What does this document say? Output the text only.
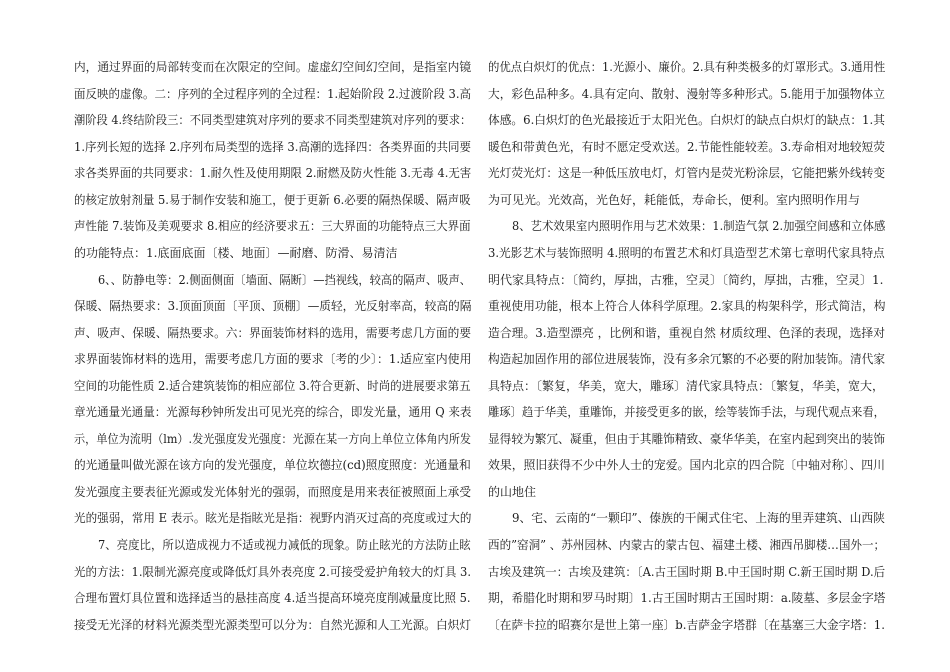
内，通过界面的局部转变而在次限定的空间。虚虚幻空间幻空间，是指室内镜
面反映的虚像。二：序列的全过程序列的全过程：1.起始阶段 2.过渡阶段 3.高
潮阶段 4.终结阶段三：不同类型建筑对序列的要求不同类型建筑对序列的要求：
1.序列长短的选择 2.序列布局类型的选择 3.高潮的选择四：各类界面的共同要
求各类界面的共同要求：1.耐久性及使用期限 2.耐燃及防火性能 3.无毒 4.无害
的核定放射剂量 5.易于制作安装和施工，便于更新 6.必要的隔热保暖、隔声吸
声性能 7.装饰及美观要求 8.相应的经济要求五：三大界面的功能特点三大界面
的功能特点：1.底面底面〔楼、地面〕—耐磨、防滑、易清洁
6、、防静电等：2.侧面侧面〔墙面、隔断〕—挡视线，较高的隔声、吸声、
保暖、隔热要求：3.顶面顶面〔平顶、顶棚〕—质轻，光反射率高，较高的隔
声、吸声、保暖、隔热要求。六：界面装饰材料的选用，需要考虑几方面的要
求界面装饰材料的选用，需要考虑几方面的要求〔考的少〕：1.适应室内使用
空间的功能性质 2.适合建筑装饰的相应部位 3.符合更新、时尚的进展要求第五
章光通量光通量：光源每秒钟所发出可见光亮的综合，即发光量，通用 Q 来表
示，单位为流明（lm）.发光强度发光强度：光源在某一方向上单位立体角内所发
的光通量叫做光源在该方向的发光强度，单位坎德拉(cd)照度照度：光通量和
发光强度主要表征光源或发光体射光的强弱，而照度是用来表征被照面上承受
光的强弱，常用 E 表示。眩光是指眩光是指：视野内消灭过高的亮度或过大的
7、亮度比，所以造成视力不适或视力减低的现象。防止眩光的方法防止眩
光的方法：1.限制光源亮度或降低灯具外表亮度 2.可接受爱护角较大的灯具 3.
合理布置灯具位置和选择适当的悬挂高度 4.适当提高环境亮度削减量度比照 5.
接受无光泽的材料光源类型光源类型可以分为：自然光源和人工光源。白炽灯
的优点白炽灯的优点：1.光源小、廉价。2.具有种类极多的灯罩形式。3.通用性
大，彩色品种多。4.具有定向、散射、漫射等多种形式。5.能用于加强物体立
体感。6.白炽灯的色光最接近于太阳光色。白炽灯的缺点白炽灯的缺点：1.其
暖色和带黄色光，有时不愿定受欢送。2.节能性能较差。3.寿命相对地较短荧
光灯荧光灯：这是一种低压放电灯，灯管内是荧光粉涂层，它能把紫外线转变
为可见光。光效高，光色好，耗能低，寿命长，便利。室内照明作用与
8、艺术效果室内照明作用与艺术效果：1.制造气氛 2.加强空间感和立体感
3.光影艺术与装饰照明 4.照明的布置艺术和灯具造型艺术第七章明代家具特点
明代家具特点：〔简约，厚拙，古雅，空灵〕〔简约，厚拙，古雅，空灵〕1.
重视使用功能，根本上符合人体科学原理。2.家具的构架科学，形式简洁，构
造合理。3.造型漂亮 ，比例和谐，重视自然 材质纹理、色泽的表现，选择对
构造起加固作用的部位进展装饰，没有多余冗繁的不必要的附加装饰。清代家
具特点：〔繁复，华美，宽大，雕琢〕清代家具特点：〔繁复，华美，宽大，
雕琢〕趋于华美，重雕饰，并接受更多的嵌，绘等装饰手法，与现代观点来看，
显得较为繁冗、凝重，但由于其雕饰精致、豪华华美，在室内起到突出的装饰
效果，照旧获得不少中外人士的宠爱。国内北京的四合院〔中轴对称〕、四川
的山地住
9、宅、云南的“一颗印”、傣族的干阑式住宅、上海的里弄建筑、山西陕
西的”窑洞” 、苏州园林、内蒙古的蒙古包、福建土楼、湘西吊脚楼…国外一；
古埃及建筑一：古埃及建筑：〔A.古王国时期 B.中王国时期 C.新王国时期 D.后
期，希腊化时期和罗马时期〕1.古王国时期古王国时期：a.陵墓、多层金字塔
〔在萨卡拉的昭赛尔是世上第一座〕b.吉萨金字塔群〔在基塞三大金字塔：1.
